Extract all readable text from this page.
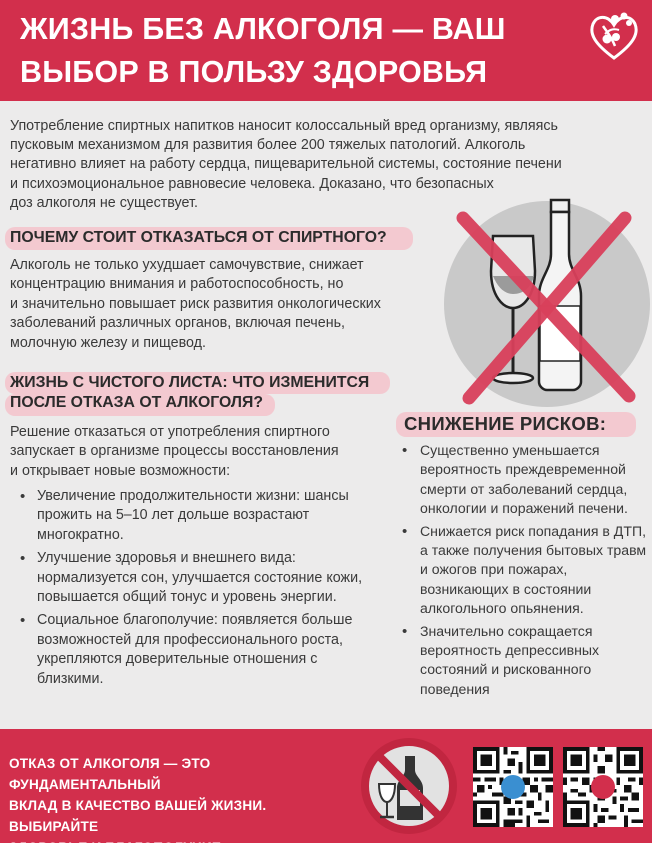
ЖИЗНЬ БЕЗ АЛКОГОЛЯ — ВАШ
ВЫБОР В ПОЛЬЗУ ЗДОРОВЬЯ
Употребление спиртных напитков наносит колоссальный вред организму, являясь
пусковым механизмом для развития более 200 тяжелых патологий. Алкоголь
негативно влияет на работу сердца, пищеварительной системы, состояние печени
и психоэмоциональное равновесие человека. Доказано, что безопасных
доз алкоголя не существует.
ПОЧЕМУ СТОИТ ОТКАЗАТЬСЯ ОТ СПИРТНОГО?
Алкоголь не только ухудшает самочувствие, снижает
концентрацию внимания и работоспособность, но
и значительно повышает риск развития онкологических
заболеваний различных органов, включая печень,
молочную железу и пищевод.
ЖИЗНЬ С ЧИСТОГО ЛИСТА: ЧТО ИЗМЕНИТСЯ
ПОСЛЕ ОТКАЗА ОТ АЛКОГОЛЯ?
Решение отказаться от употребления спиртного
запускает в организме процессы восстановления
и открывает новые возможности:
• Увеличение продолжительности жизни: шансы прожить на 5–10 лет дольше возрастают многократно.
• Улучшение здоровья и внешнего вида: нормализуется сон, улучшается состояние кожи, повышается общий тонус и уровень энергии.
• Социальное благополучие: появляется больше возможностей для профессионального роста, укрепляются доверительные отношения с близкими.
СНИЖЕНИЕ РИСКОВ:
• Существенно уменьшается вероятность преждевременной смерти от заболеваний сердца, онкологии и поражений печени.
• Снижается риск попадания в ДТП, а также получения бытовых травм и ожогов при пожарах, возникающих в состоянии алкогольного опьянения.
• Значительно сокращается вероятность депрессивных состояний и рискованного поведения
ОТКАЗ ОТ АЛКОГОЛЯ — ЭТО ФУНДАМЕНТАЛЬНЫЙ
ВКЛАД В КАЧЕСТВО ВАШЕЙ ЖИЗНИ. ВЫБИРАЙТЕ
ЗДОРОВЬЕ И БЛАГОПОЛУЧИЕ
